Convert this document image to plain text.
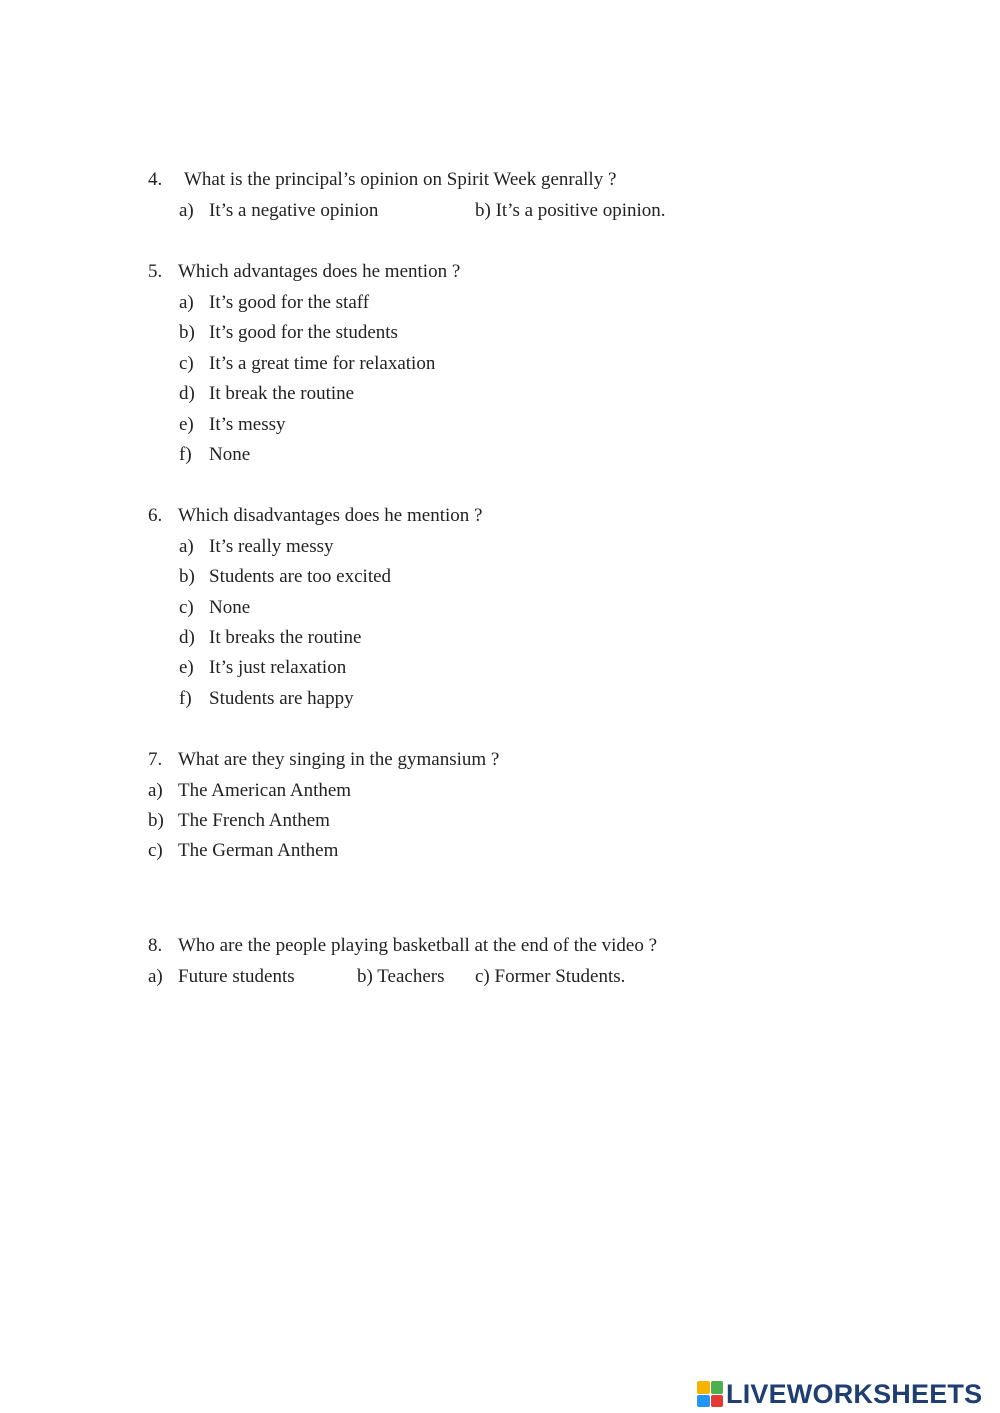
4. What is the principal’s opinion on Spirit Week genrally ?
a) It’s a negative opinion	b) It’s a positive opinion.
5. Which advantages does he mention ?
a) It’s good for the staff
b) It’s good for the students
c) It’s a great time for relaxation
d) It break the routine
e) It’s messy
f) None
6. Which disadvantages does he mention ?
a) It’s really messy
b) Students are too excited
c) None
d) It breaks the routine
e) It’s just relaxation
f) Students are happy
7. What are they singing in the gymansium ?
a) The American Anthem
b) The French Anthem
c) The German Anthem
8. Who are the people playing basketball at the end of the video ?
a) Future students	b) Teachers c) Former Students.
LIVEWORKSHEETS
